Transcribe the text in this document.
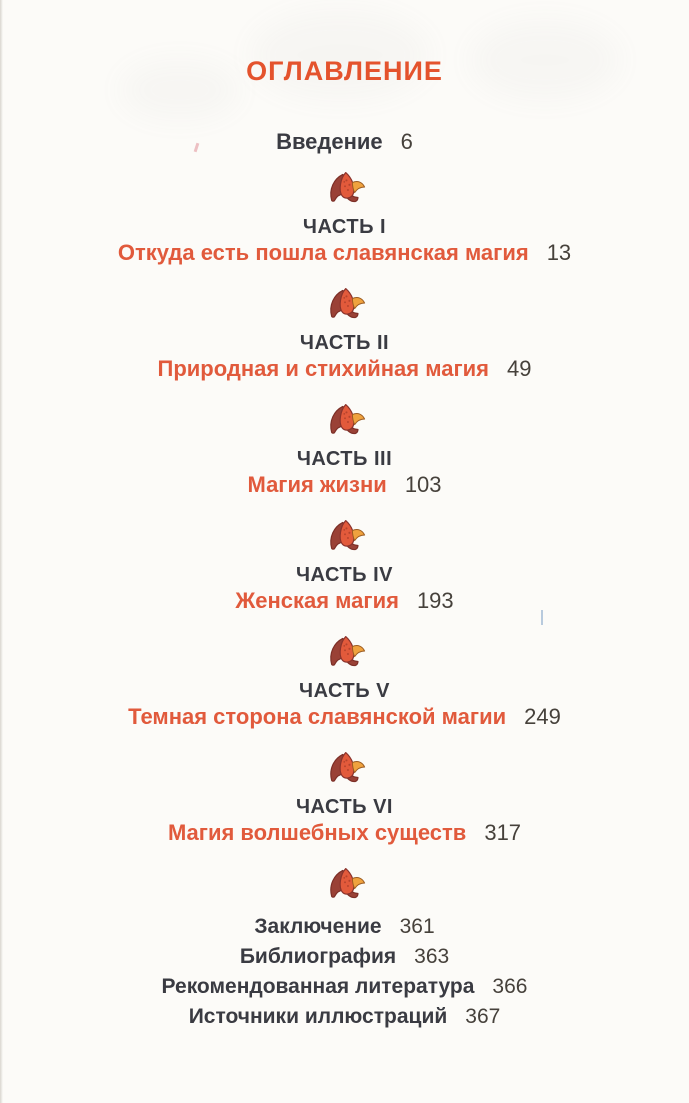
ОГЛАВЛЕНИЕ
Введение 6
ЧАСТЬ I
Откуда есть пошла славянская магия 13
ЧАСТЬ II
Природная и стихийная магия 49
ЧАСТЬ III
Магия жизни 103
ЧАСТЬ IV
Женская магия 193
ЧАСТЬ V
Темная сторона славянской магии 249
ЧАСТЬ VI
Магия волшебных существ 317
Заключение 361
Библиография 363
Рекомендованная литература 366
Источники иллюстраций 367
